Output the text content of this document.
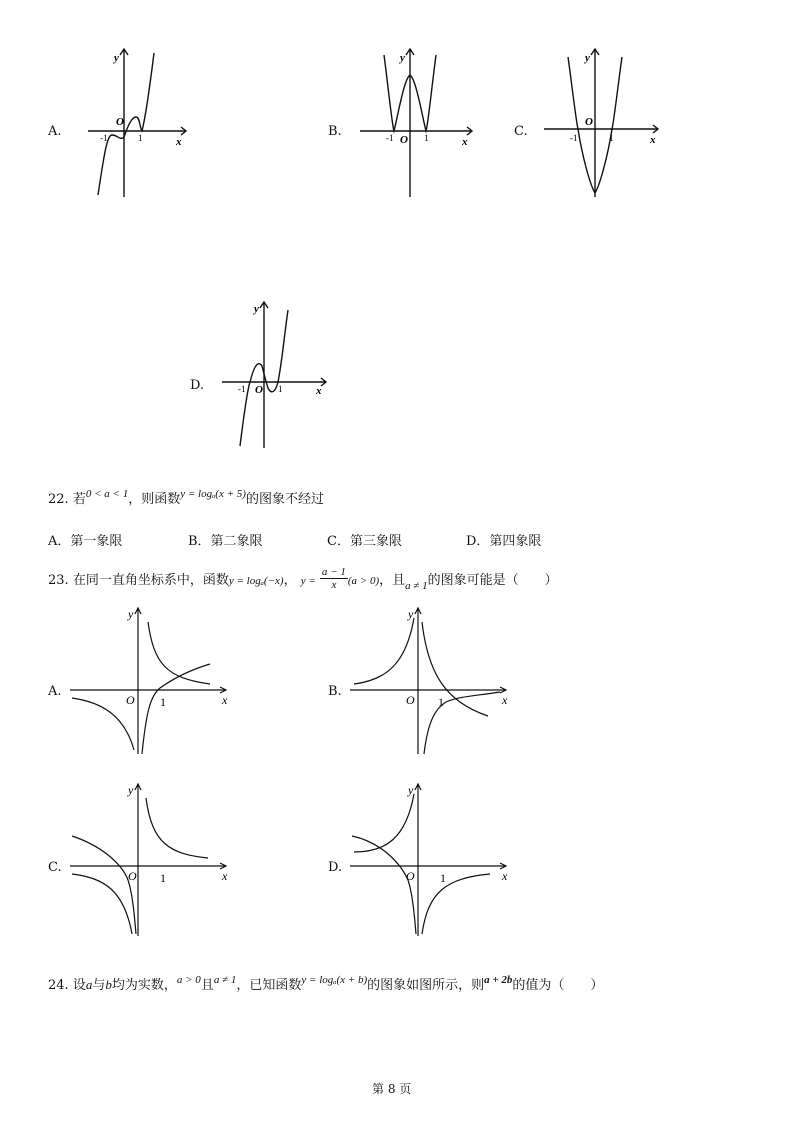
A.
O
-1	1	x
y
B.
O
-1	1	x
y
C.
O
-1	1	x
y
D.	O
-1	1	x
y
22. 若$^{0 < a < 1}$，则函数$^{y = log_a(x + 5)}$的图象不经过
A．第一象限	B．第二象限	C．第三象限	D．第四象限
23. 在同一直角坐标系中，函数y = logₐ(−x)， $y = \frac{a - 1}{x} (a > 0)$，且$_{a \ne 1}$的图象可能是（　　）
A.
O 1	x
y
B.
O 1	x
y
C.
O 1	x
y
D.
O 1	x
y
24. 设a与b均为实数，$^{a > 0}$且$^{a \ne 1}$，已知函数$^{y = log_a(x + b)}$的图象如图所示，则$^{a + 2b}$的值为（　　）
第 8 页
